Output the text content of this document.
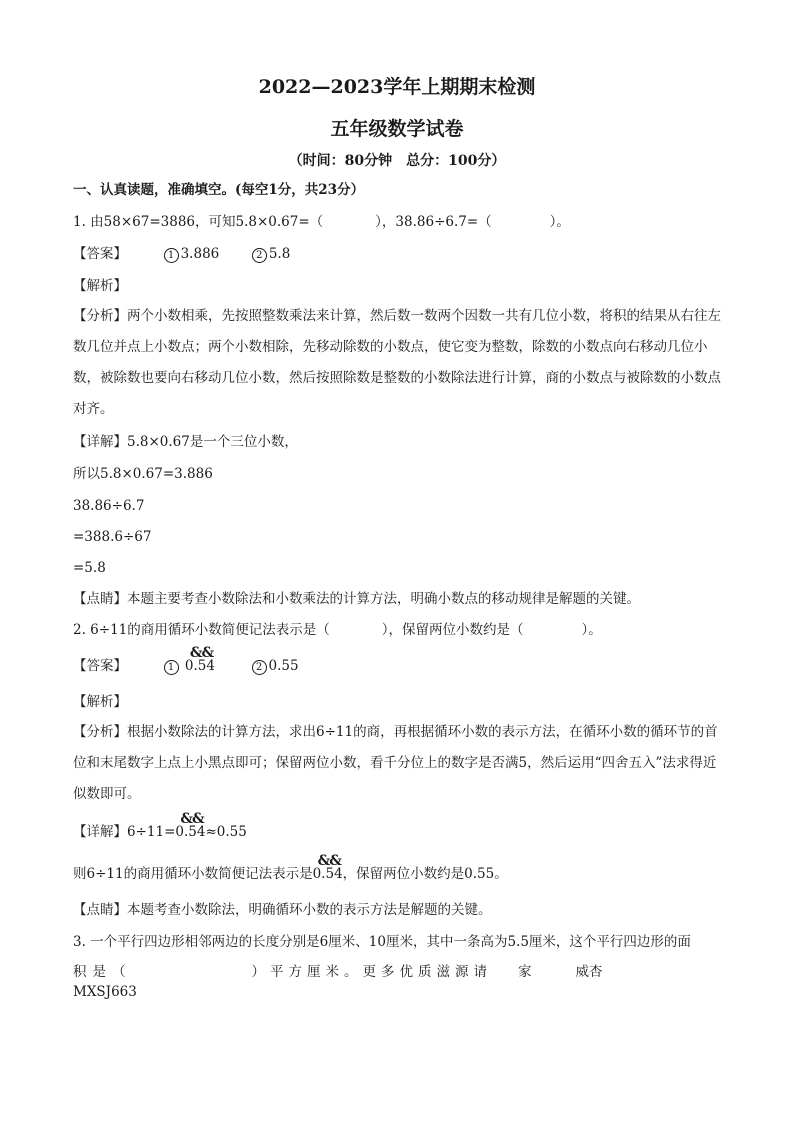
2022—2023学年上期期末检测
五年级数学试卷
（时间：80分钟　总分：100分）
一、认真读题，准确填空。(每空1分，共23分）
1. 由58×67=3886，可知5.8×0.67=（	），38.86÷6.7=（	）。
【答案】	1 3.886	2 5.8
【解析】
【分析】两个小数相乘，先按照整数乘法来计算，然后数一数两个因数一共有几位小数，将积的结果从右往左数几位并点上小数点；两个小数相除，先移动除数的小数点，使它变为整数，除数的小数点向右移动几位小数，被除数也要向右移动几位小数，然后按照除数是整数的小数除法进行计算，商的小数点与被除数的小数点对齐。
【详解】5.8×0.67是一个三位小数，
所以5.8×0.67=3.886
38.86÷6.7
=388.6÷67
=5.8
【点睛】本题主要考查小数除法和小数乘法的计算方法，明确小数点的移动规律是解题的关键。
2. 6÷11的商用循环小数简便记法表示是（	），保留两位小数约是（	）。
【答案】	1
&&
0.54	2 0.55
【解析】
【分析】根据小数除法的计算方法，求出6÷11的商，再根据循环小数的表示方法，在循环小数的循环节的首位和末尾数字上点上小黑点即可；保留两位小数，看千分位上的数字是否满5，然后运用“四舍五入”法求得近似数即可。
【详解】6÷11=
&&
0.54≈0.55
则6÷11的商用循环小数简便记法表示是
&&
0.54，保留两位小数约是0.55。
【点睛】本题考查小数除法，明确循环小数的表示方法是解题的关键。
3. 一个平行四边形相邻两边的长度分别是6厘米、10厘米，其中一条高为5.5厘米，这个平行四边形的面
积是（	）平方厘米。更多优质滋源请 家	威杏MXSJ663
